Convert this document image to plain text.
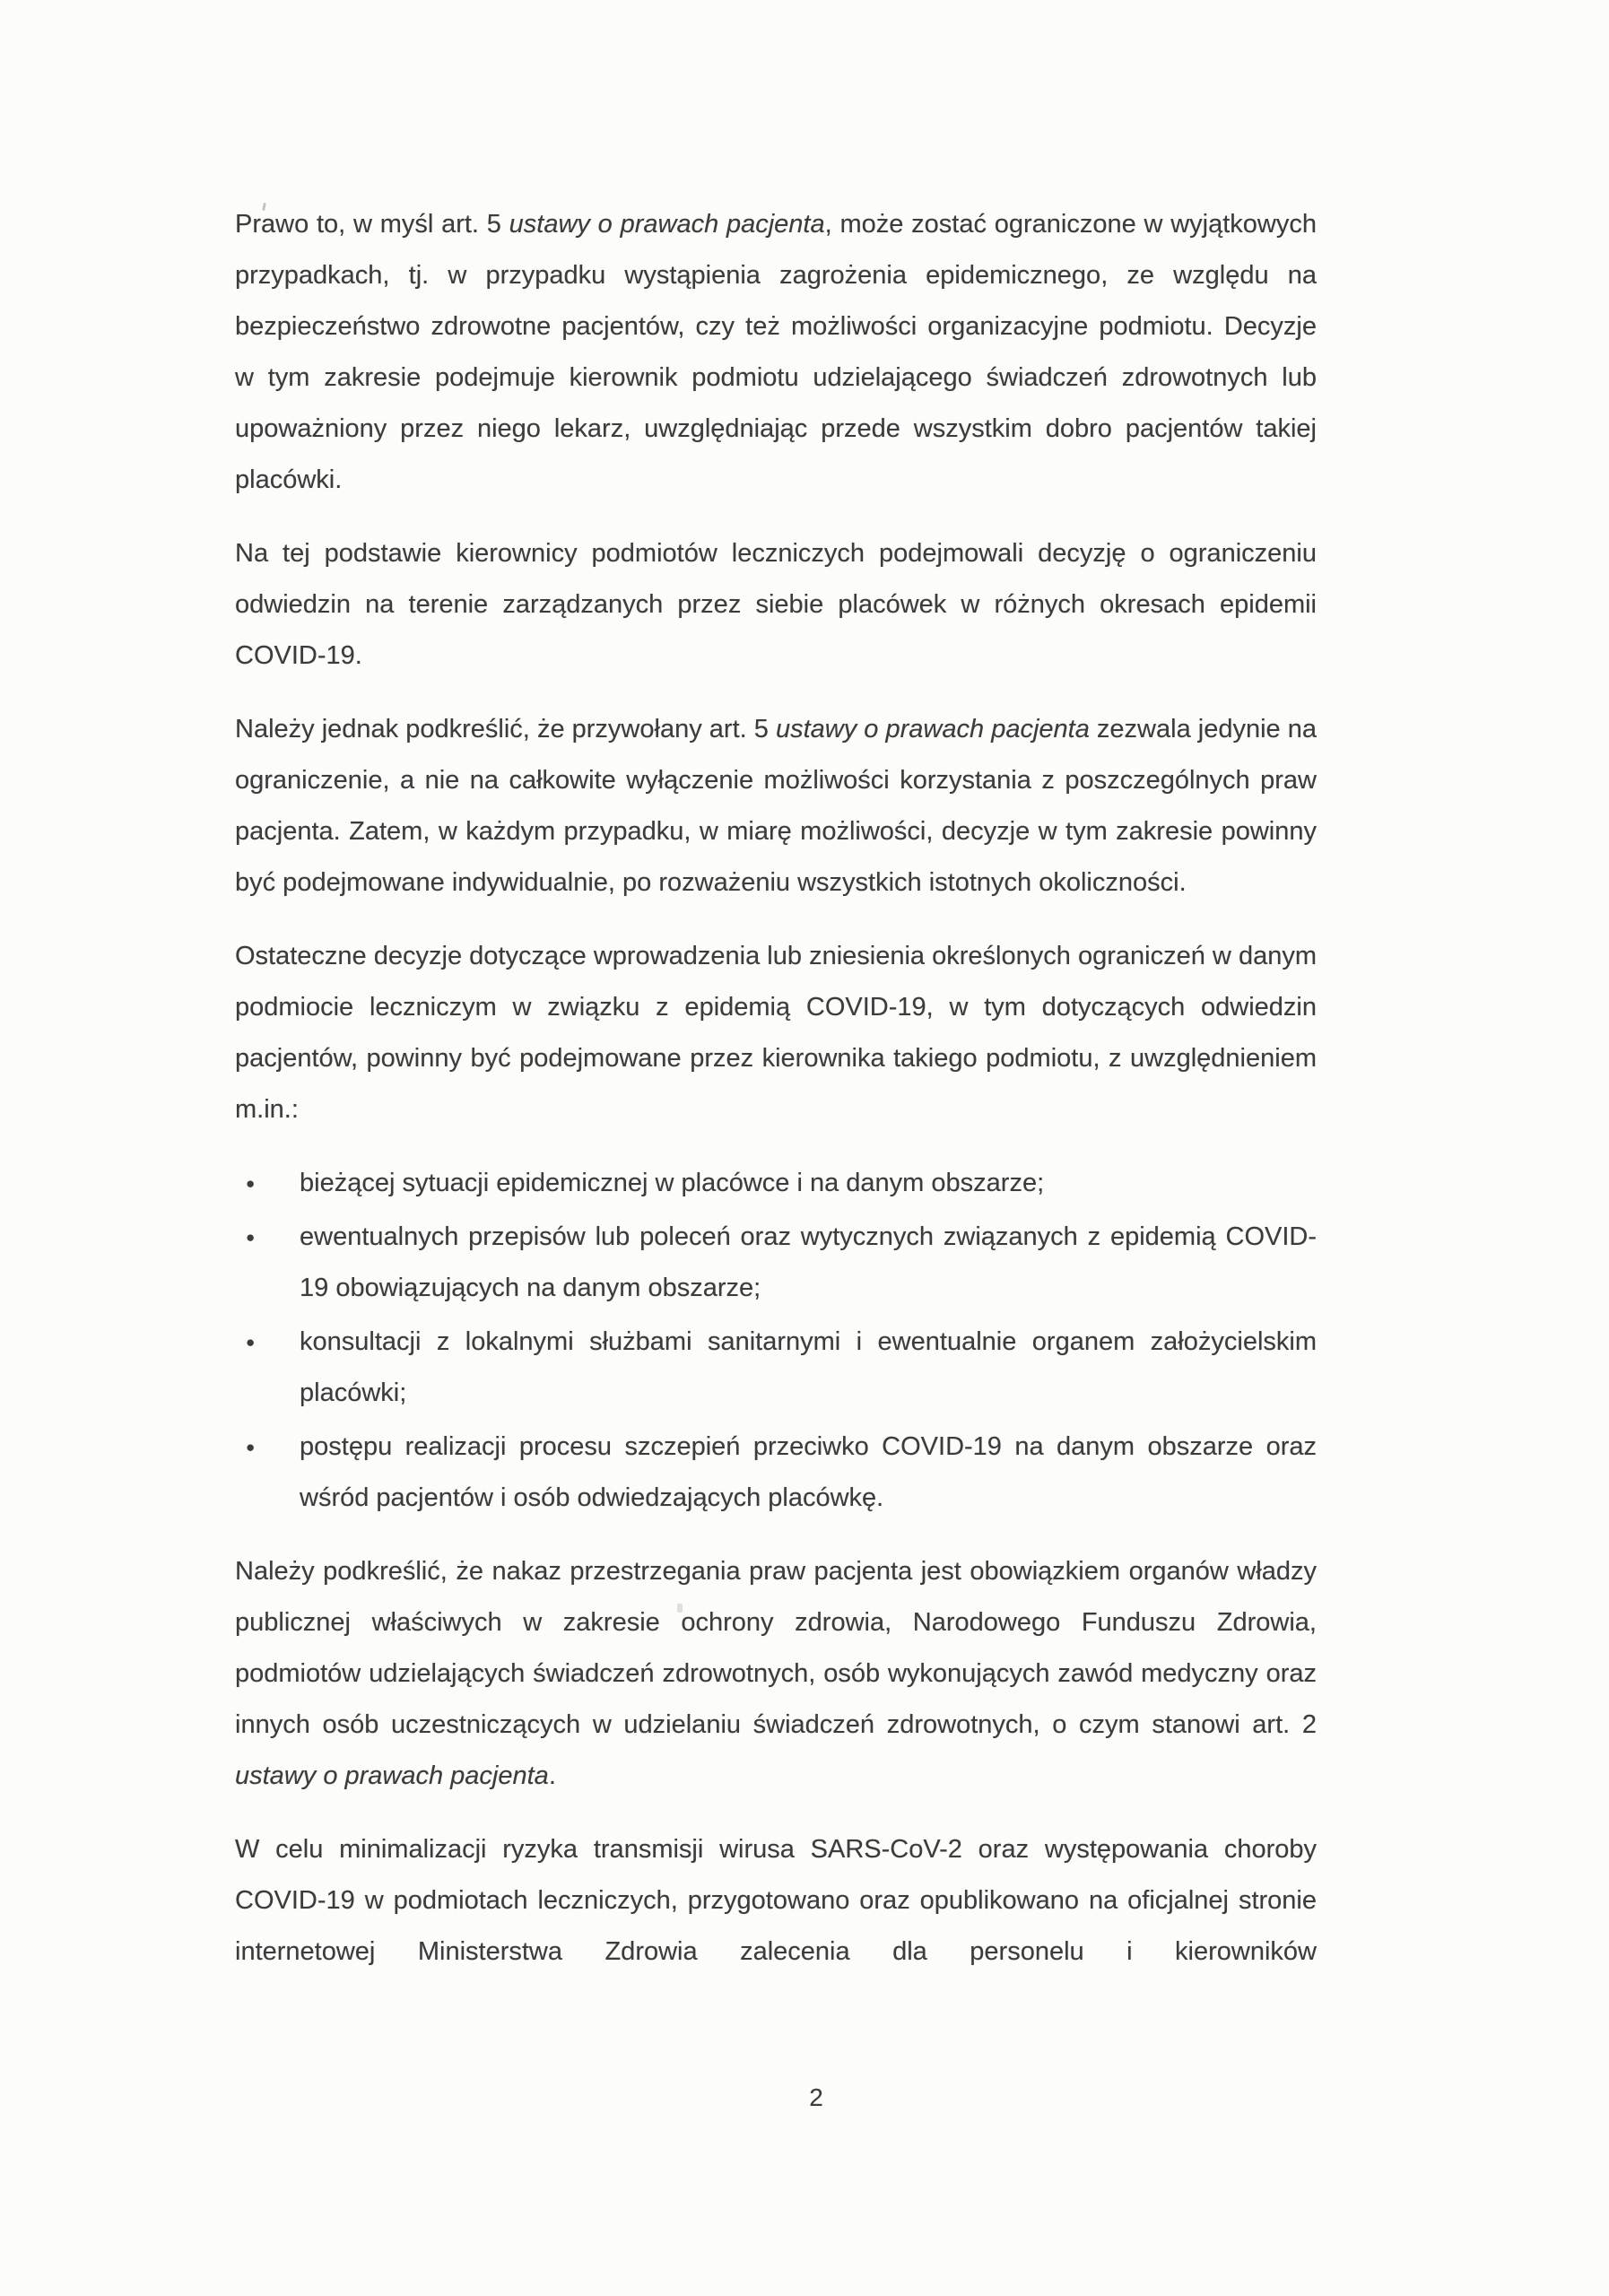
Prawo to, w myśl art. 5 ustawy o prawach pacjenta, może zostać ograniczone w wyjątkowych przypadkach, tj. w przypadku wystąpienia zagrożenia epidemicznego, ze względu na bezpieczeństwo zdrowotne pacjentów, czy też możliwości organizacyjne podmiotu. Decyzje w tym zakresie podejmuje kierownik podmiotu udzielającego świadczeń zdrowotnych lub upoważniony przez niego lekarz, uwzględniając przede wszystkim dobro pacjentów takiej placówki.

Na tej podstawie kierownicy podmiotów leczniczych podejmowali decyzję o ograniczeniu odwiedzin na terenie zarządzanych przez siebie placówek w różnych okresach epidemii COVID-19.

Należy jednak podkreślić, że przywołany art. 5 ustawy o prawach pacjenta zezwala jedynie na ograniczenie, a nie na całkowite wyłączenie możliwości korzystania z poszczególnych praw pacjenta. Zatem, w każdym przypadku, w miarę możliwości, decyzje w tym zakresie powinny być podejmowane indywidualnie, po rozważeniu wszystkich istotnych okoliczności.

Ostateczne decyzje dotyczące wprowadzenia lub zniesienia określonych ograniczeń w danym podmiocie leczniczym w związku z epidemią COVID-19, w tym dotyczących odwiedzin pacjentów, powinny być podejmowane przez kierownika takiego podmiotu, z uwzględnieniem m.in.:

● bieżącej sytuacji epidemicznej w placówce i na danym obszarze;
● ewentualnych przepisów lub poleceń oraz wytycznych związanych z epidemią COVID-19 obowiązujących na danym obszarze;
● konsultacji z lokalnymi służbami sanitarnymi i ewentualnie organem założycielskim placówki;
● postępu realizacji procesu szczepień przeciwko COVID-19 na danym obszarze oraz wśród pacjentów i osób odwiedzających placówkę.

Należy podkreślić, że nakaz przestrzegania praw pacjenta jest obowiązkiem organów władzy publicznej właściwych w zakresie ochrony zdrowia, Narodowego Funduszu Zdrowia, podmiotów udzielających świadczeń zdrowotnych, osób wykonujących zawód medyczny oraz innych osób uczestniczących w udzielaniu świadczeń zdrowotnych, o czym stanowi art. 2 ustawy o prawach pacjenta.

W celu minimalizacji ryzyka transmisji wirusa SARS-CoV-2 oraz występowania choroby COVID-19 w podmiotach leczniczych, przygotowano oraz opublikowano na oficjalnej stronie internetowej Ministerstwa Zdrowia zalecenia dla personelu i kierowników

2
